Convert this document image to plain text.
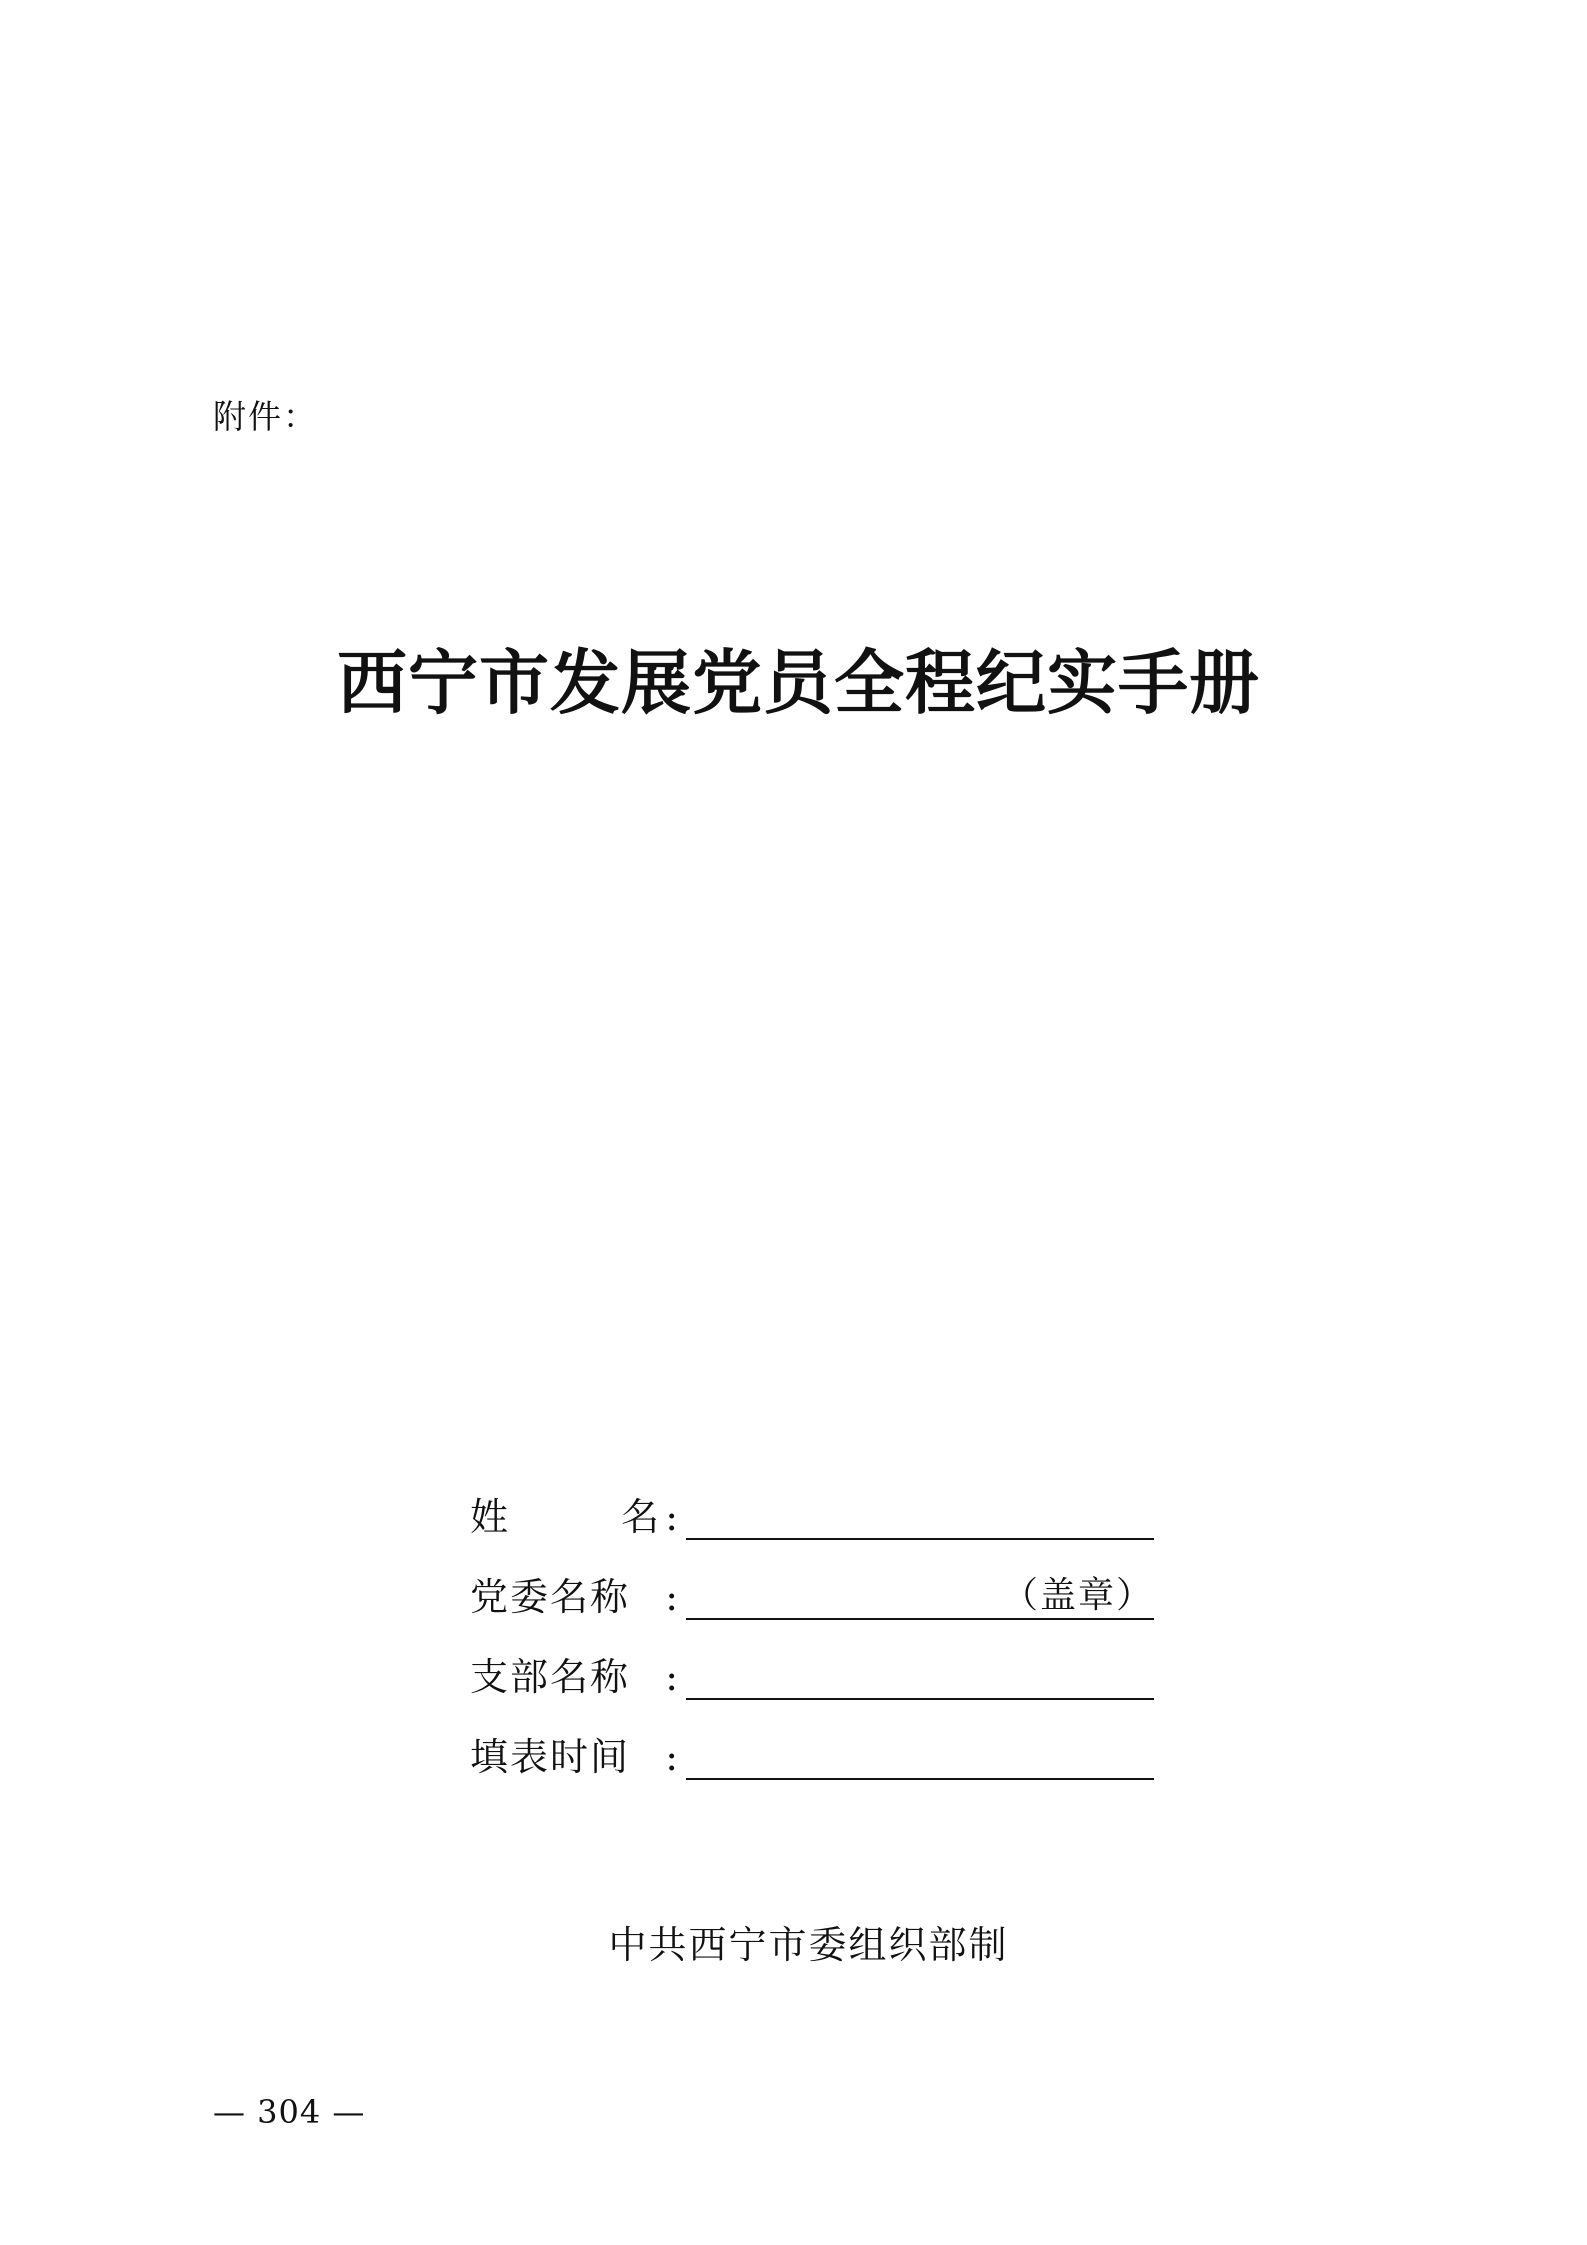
附件：
西宁市发展党员全程纪实手册
姓	名 :
党委名称 :	（盖章）
支部名称 :
填表时间 :
中共西宁市委组织部制
— 304 —
